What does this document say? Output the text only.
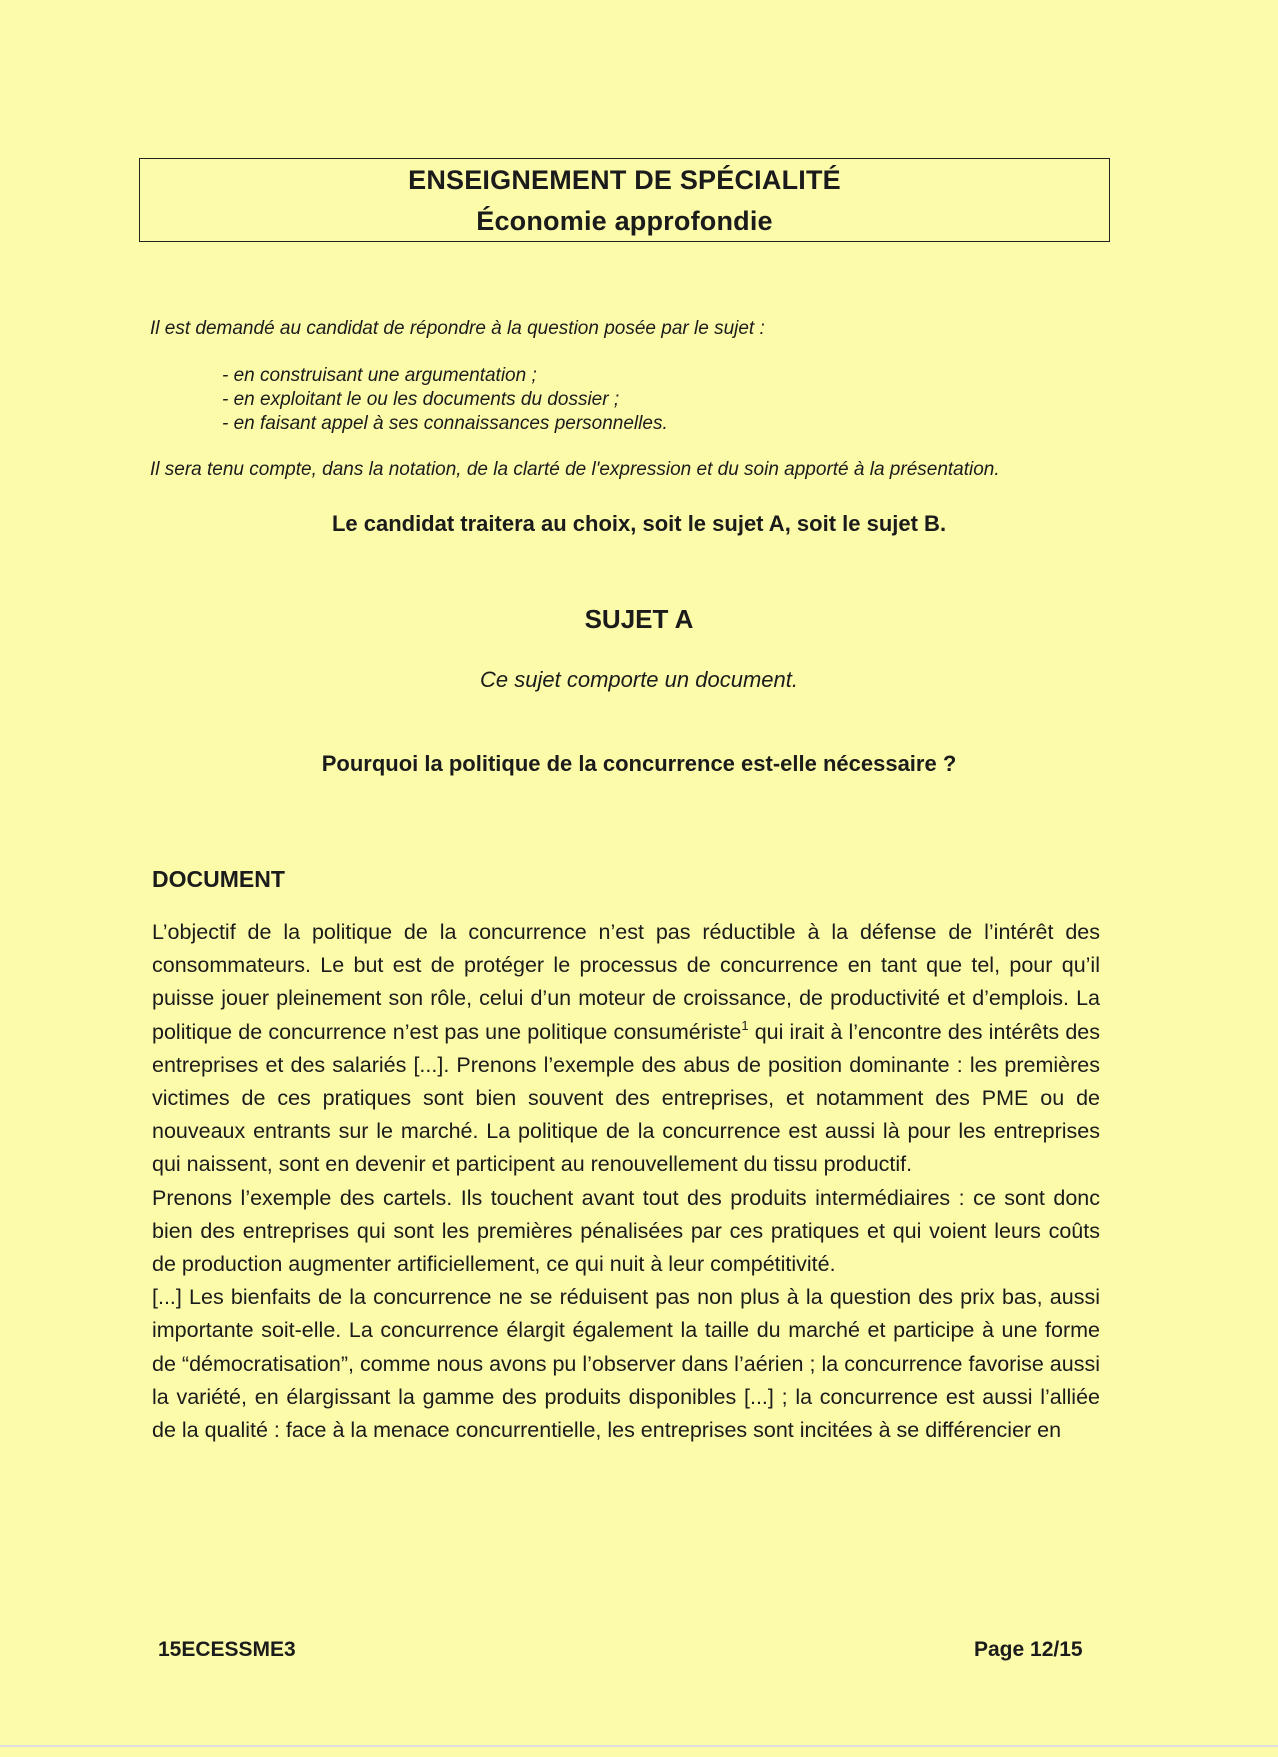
ENSEIGNEMENT DE SPÉCIALITÉ
Économie approfondie
Il est demandé au candidat de répondre à la question posée par le sujet :
- en construisant une argumentation ;
- en exploitant le ou les documents du dossier ;
- en faisant appel à ses connaissances personnelles.
Il sera tenu compte, dans la notation, de la clarté de l'expression et du soin apporté à la présentation.
Le candidat traitera au choix, soit le sujet A, soit le sujet B.
SUJET A
Ce sujet comporte un document.
Pourquoi la politique de la concurrence est-elle nécessaire ?
DOCUMENT

L’objectif de la politique de la concurrence n’est pas réductible à la défense de l’intérêt des consommateurs. Le but est de protéger le processus de concurrence en tant que tel, pour qu’il puisse jouer pleinement son rôle, celui d’un moteur de croissance, de productivité et d’emplois. La politique de concurrence n’est pas une politique consumériste$^1$ qui irait à l’encontre des intérêts des entreprises et des salariés [...]. Prenons l’exemple des abus de position dominante : les premières victimes de ces pratiques sont bien souvent des entreprises, et notamment des PME ou de nouveaux entrants sur le marché. La politique de la concurrence est aussi là pour les entreprises qui naissent, sont en devenir et participent au renouvellement du tissu productif.

Prenons l’exemple des cartels. Ils touchent avant tout des produits intermédiaires : ce sont donc bien des entreprises qui sont les premières pénalisées par ces pratiques et qui voient leurs coûts de production augmenter artificiellement, ce qui nuit à leur compétitivité.

[...] Les bienfaits de la concurrence ne se réduisent pas non plus à la question des prix bas, aussi importante soit-elle. La concurrence élargit également la taille du marché et participe à une forme de “démocratisation”, comme nous avons pu l’observer dans l’aérien ; la concurrence favorise aussi la variété, en élargissant la gamme des produits disponibles [...] ; la concurrence est aussi l’alliée de la qualité : face à la menace concurrentielle, les entreprises sont incitées à se différencier en

15ECESSME3	Page 12/15
